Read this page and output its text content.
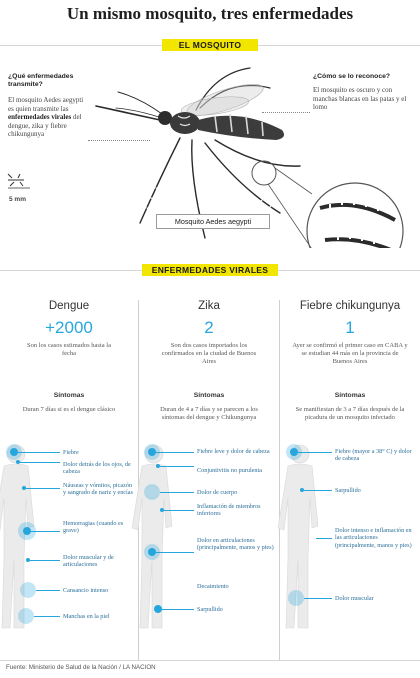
Un mismo mosquito, tres enfermedades
EL MOSQUITO
¿Qué enfermedades transmite?
El mosquito Aedes aegypti es quien transmite las enfermedades virales del dengue, zika y fiebre chikungunya
¿Cómo se lo reconoce?
El mosquito es oscuro y con manchas blancas en las patas y el lomo
5 mm
Mosquito Aedes aegypti
ENFERMEDADES VIRALES
Dengue	Zika	Fiebre chikungunya
+2000	2	1
Son los casos estimados hasta la fecha
Son dos casos importados los confirmados en la ciudad de Buenos Aires
Ayer se confirmó el primer caso en CABA y se estudian 44 más en la provincia de Buenos Aires
Síntomas	Síntomas	Síntomas
Duran 7 días si es el dengue clásico	Duran de 4 a 7 días y se parecen a los síntomas del dengue y Chikungunya
Se manifiestan de 3 a 7 días después de la picadura de un mosquito infectado
Fiebre
Dolor detrás de los ojos, de cabeza
Náuseas y vómitos, picazón y sangrado de nariz y encías
Hemorragias (cuando es grave)
Dolor muscular y de articulaciones
Cansancio intenso
Manchas en la piel
Fiebre leve y dolor de cabeza
Conjuntivitis no purulenta
Dolor de cuerpo
Inflamación de miembros inferiores
Dolor en articulaciones (principalmente, manos y pies)
Decaimiento
Sarpullido
Fiebre (mayor a 38° C) y dolor de cabeza
Sarpullido
Dolor intenso e inflamación en las articulaciones (principalmente, manos y pies)
Dolor muscular
Fuente: Ministerio de Salud de la Nación / LA NACION
